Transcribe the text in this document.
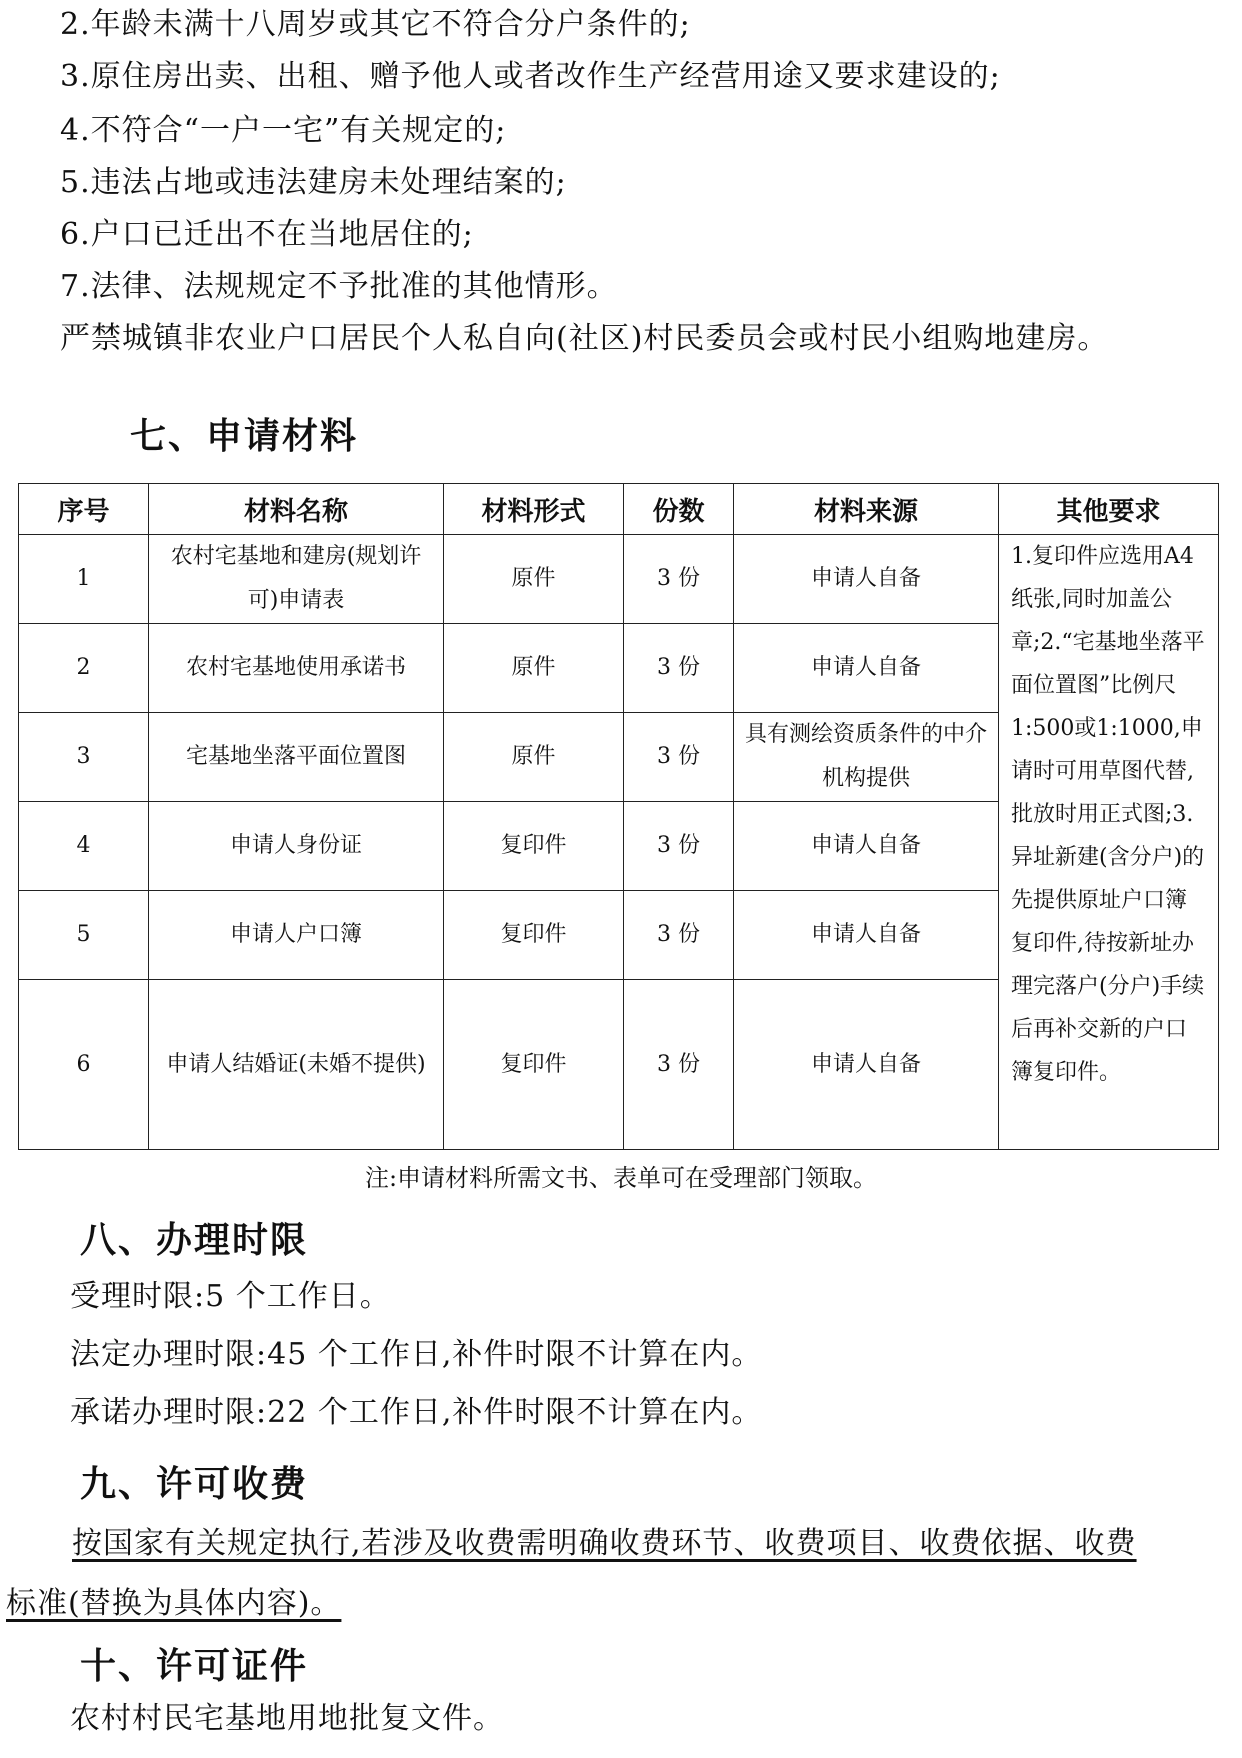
2.年龄未满十八周岁或其它不符合分户条件的;
3.原住房出卖、出租、赠予他人或者改作生产经营用途又要求建设的;
4.不符合“一户一宅”有关规定的;
5.违法占地或违法建房未处理结案的;
6.户口已迁出不在当地居住的;
7.法律、法规规定不予批准的其他情形。
严禁城镇非农业户口居民个人私自向(社区)村民委员会或村民小组购地建房。
七、申请材料
序号	材料名称	材料形式	份数	材料来源	其他要求
1	农村宅基地和建房(规划许可)申请表	原件	3 份	申请人自备	1.复印件应选用A4纸张,同时加盖公章;2.“宅基地坐落平面位置图”比例尺1:500或1:1000,申请时可用草图代替,批放时用正式图;3.异址新建(含分户)的先提供原址户口簿复印件,待按新址办理完落户(分户)手续后再补交新的户口簿复印件。
2	农村宅基地使用承诺书	原件	3 份	申请人自备	
3	宅基地坐落平面位置图	原件	3 份	具有测绘资质条件的中介机构提供	
4	申请人身份证	复印件	3 份	申请人自备	
5	申请人户口簿	复印件	3 份	申请人自备	
6	申请人结婚证(未婚不提供)	复印件	3 份	申请人自备	
注:申请材料所需文书、表单可在受理部门领取。
八、办理时限
受理时限:5 个工作日。
法定办理时限:45 个工作日,补件时限不计算在内。
承诺办理时限:22 个工作日,补件时限不计算在内。
九、许可收费
按国家有关规定执行,若涉及收费需明确收费环节、收费项目、收费依据、收费
标准(替换为具体内容)。
十、许可证件
农村村民宅基地用地批复文件。
